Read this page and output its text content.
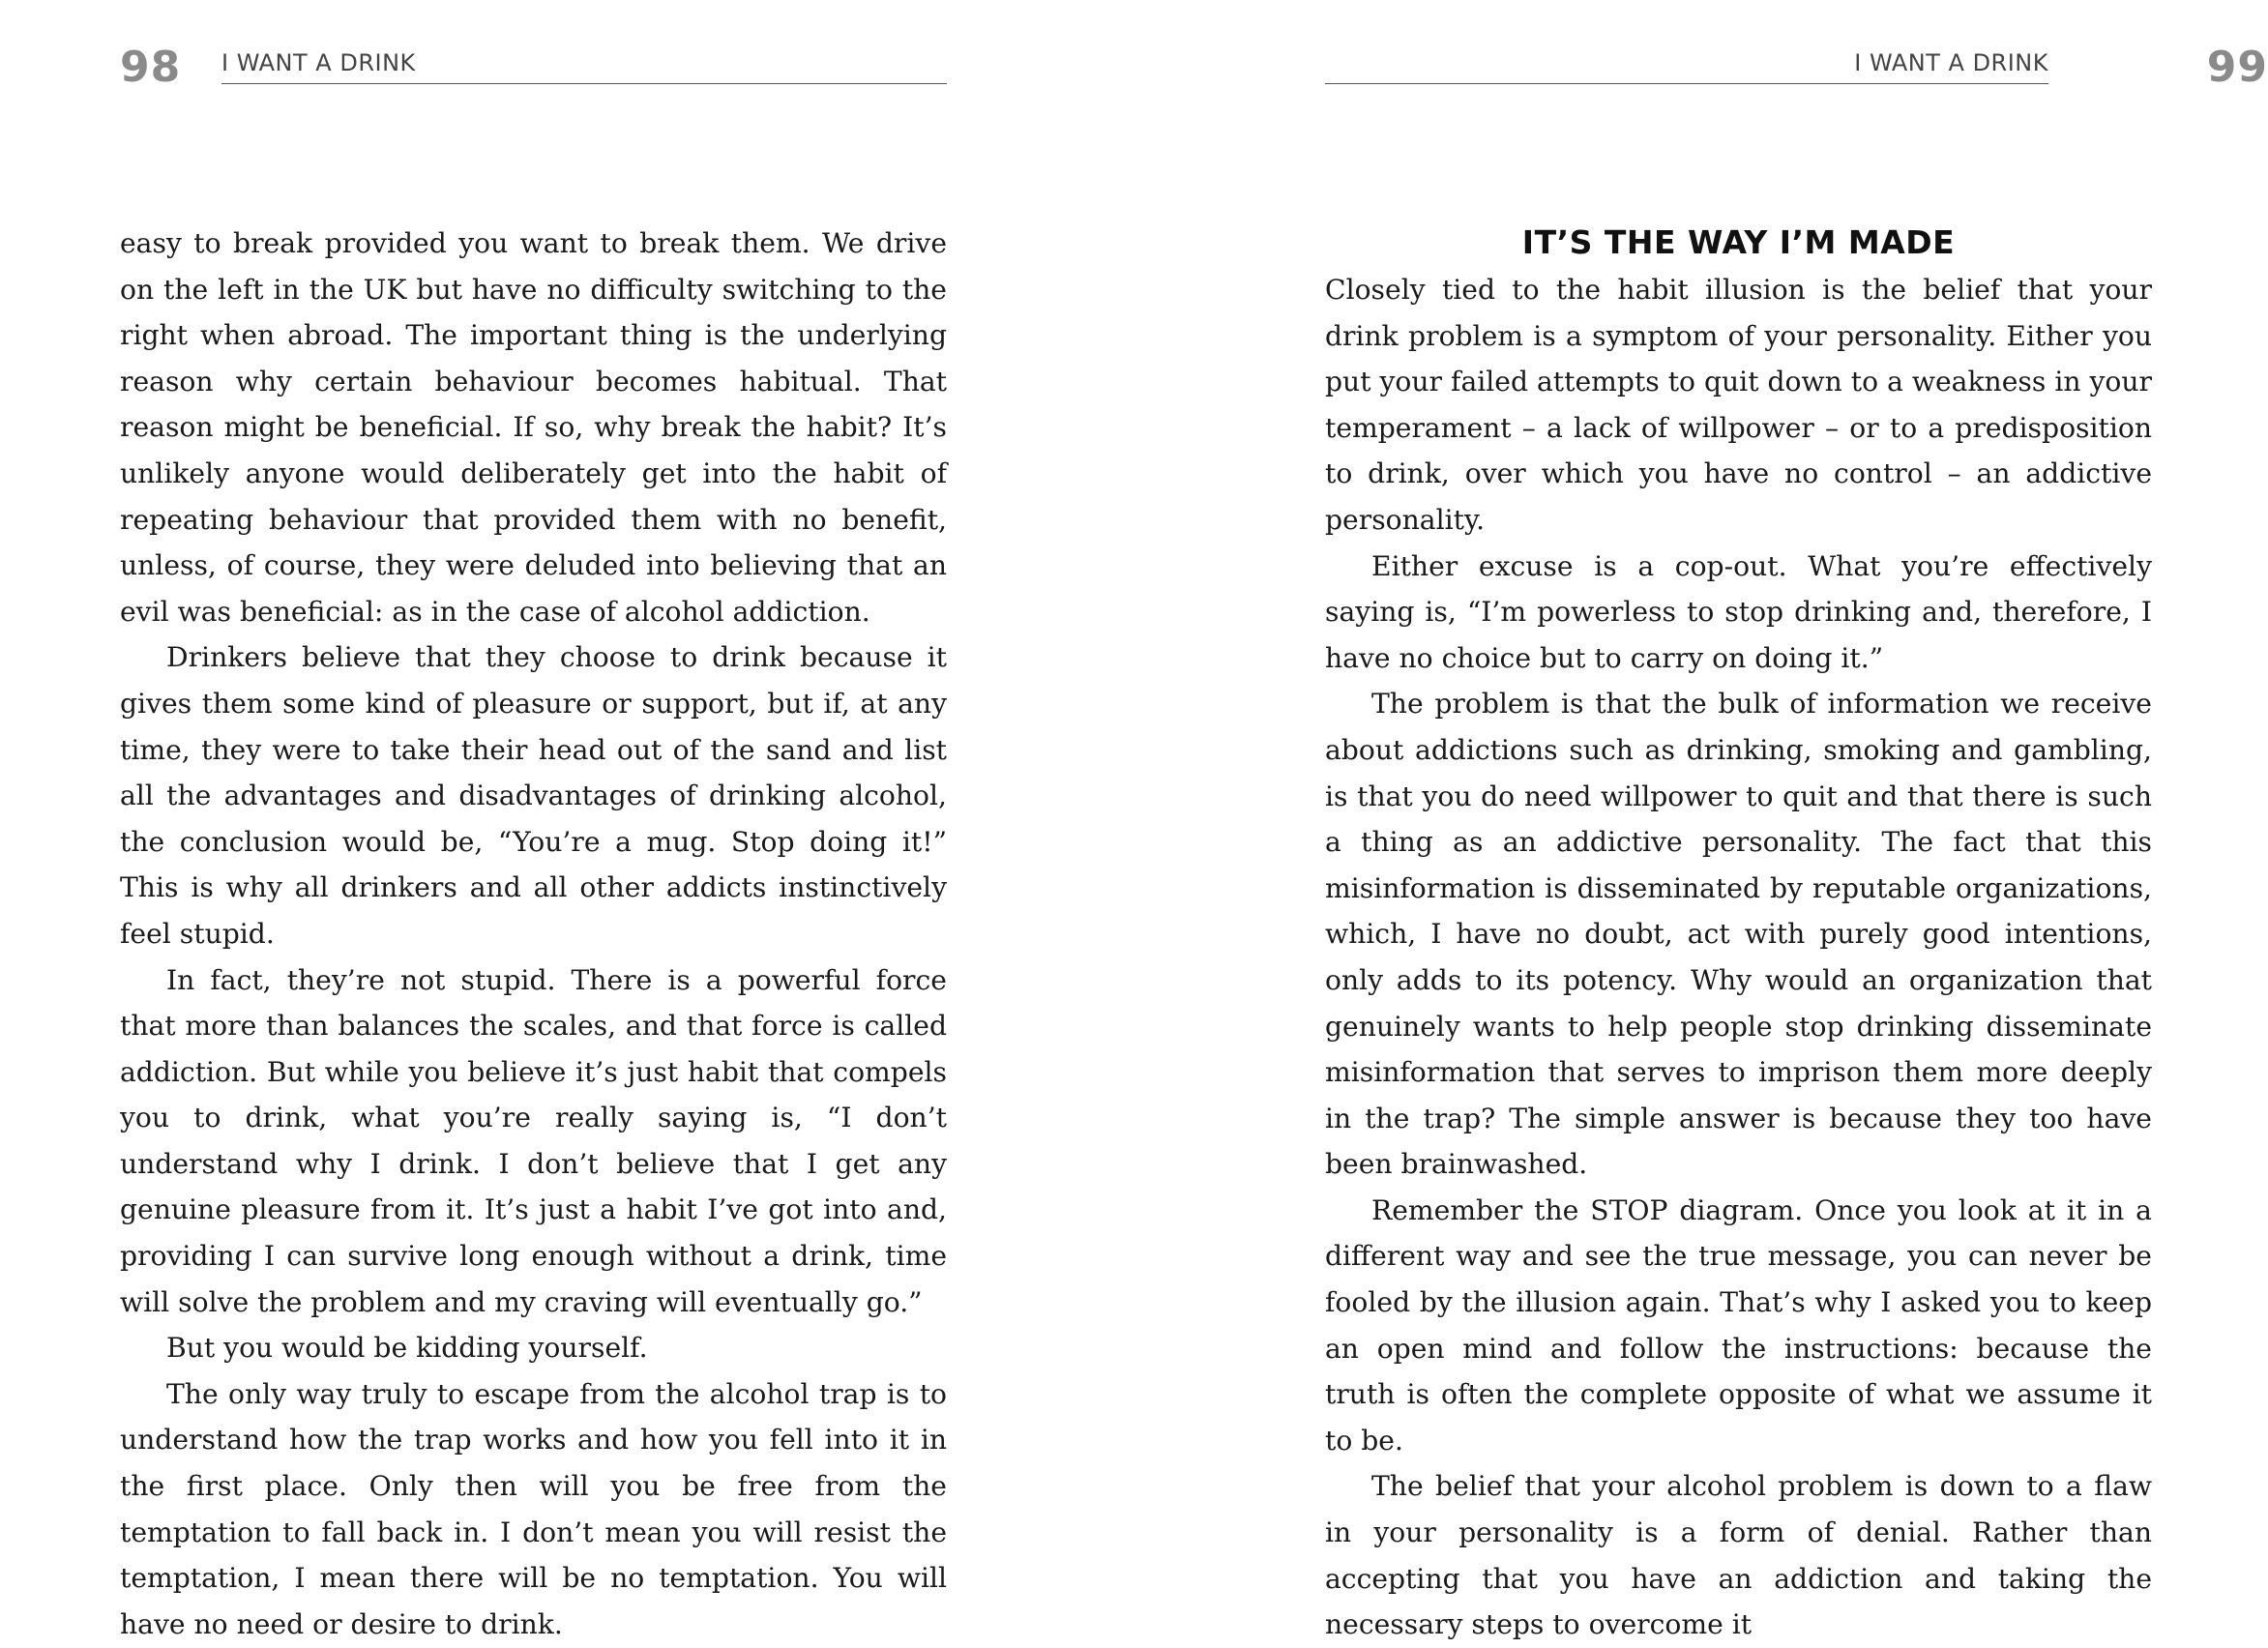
98 I WANT A DRINK

easy to break provided you want to break them. We drive on the left in the UK but have no difficulty switching to the right when abroad. The important thing is the underlying reason why certain behaviour becomes habitual. That reason might be beneficial. If so, why break the habit? It’s unlikely anyone would deliberately get into the habit of repeating behaviour that provided them with no benefit, unless, of course, they were deluded into believing that an evil was beneficial: as in the case of alcohol addiction.

Drinkers believe that they choose to drink because it gives them some kind of pleasure or support, but if, at any time, they were to take their head out of the sand and list all the advantages and disadvantages of drinking alcohol, the conclusion would be, “You’re a mug. Stop doing it!” This is why all drinkers and all other addicts instinctively feel stupid.

In fact, they’re not stupid. There is a powerful force that more than balances the scales, and that force is called addiction. But while you believe it’s just habit that compels you to drink, what you’re really saying is, “I don’t understand why I drink. I don’t believe that I get any genuine pleasure from it. It’s just a habit I’ve got into and, providing I can survive long enough without a drink, time will solve the problem and my craving will eventually go.”

But you would be kidding yourself.

The only way truly to escape from the alcohol trap is to understand how the trap works and how you fell into it in the first place. Only then will you be free from the temptation to fall back in. I don’t mean you will resist the temptation, I mean there will be no temptation. You will have no need or desire to drink.

I WANT A DRINK	99
IT’S THE WAY I’M MADE

Closely tied to the habit illusion is the belief that your drink problem is a symptom of your personality. Either you put your failed attempts to quit down to a weakness in your temperament – a lack of willpower – or to a predisposition to drink, over which you have no control – an addictive personality.

Either excuse is a cop-out. What you’re effectively saying is, “I’m powerless to stop drinking and, therefore, I have no choice but to carry on doing it.”

The problem is that the bulk of information we receive about addictions such as drinking, smoking and gambling, is that you do need willpower to quit and that there is such a thing as an addictive personality. The fact that this misinformation is disseminated by reputable organizations, which, I have no doubt, act with purely good intentions, only adds to its potency. Why would an organization that genuinely wants to help people stop drinking disseminate misinformation that serves to imprison them more deeply in the trap? The simple answer is because they too have been brainwashed.

Remember the STOP diagram. Once you look at it in a different way and see the true message, you can never be fooled by the illusion again. That’s why I asked you to keep an open mind and follow the instructions: because the truth is often the complete opposite of what we assume it to be.

The belief that your alcohol problem is down to a flaw in your personality is a form of denial. Rather than accepting that you have an addiction and taking the necessary steps to overcome it
